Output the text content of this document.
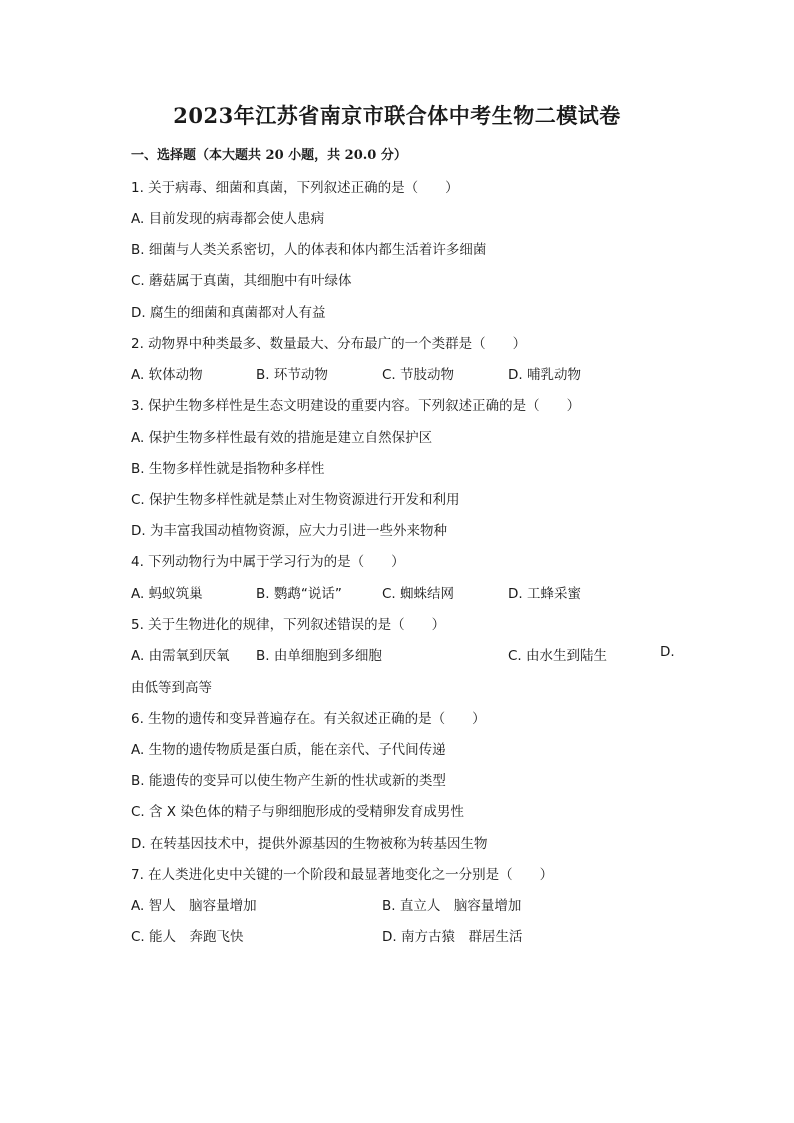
2023年江苏省南京市联合体中考生物二模试卷
一、选择题（本大题共 20 小题，共 20.0 分）
1. 关于病毒、细菌和真菌，下列叙述正确的是（　　）
A. 目前发现的病毒都会使人患病
B. 细菌与人类关系密切，人的体表和体内都生活着许多细菌
C. 蘑菇属于真菌，其细胞中有叶绿体
D. 腐生的细菌和真菌都对人有益
2. 动物界中种类最多、数量最大、分布最广的一个类群是（　　）
A. 软体动物	B. 环节动物	C. 节肢动物	D. 哺乳动物
3. 保护生物多样性是生态文明建设的重要内容。下列叙述正确的是（　　）
A. 保护生物多样性最有效的措施是建立自然保护区
B. 生物多样性就是指物种多样性
C. 保护生物多样性就是禁止对生物资源进行开发和利用
D. 为丰富我国动植物资源，应大力引进一些外来物种
4. 下列动物行为中属于学习行为的是（　　）
A. 蚂蚁筑巢	B. 鹦鹉“说话”	C. 蜘蛛结网	D. 工蜂采蜜
5. 关于生物进化的规律，下列叙述错误的是（　　）
A. 由需氧到厌氧 B. 由单细胞到多细胞	C. 由水生到陆生	D.
由低等到高等
6. 生物的遗传和变异普遍存在。有关叙述正确的是（　　）
A. 生物的遗传物质是蛋白质，能在亲代、子代间传递
B. 能遗传的变异可以使生物产生新的性状或新的类型
C. 含 X 染色体的精子与卵细胞形成的受精卵发育成男性
D. 在转基因技术中，提供外源基因的生物被称为转基因生物
7. 在人类进化史中关键的一个阶段和最显著地变化之一分别是（　　）
A. 智人　脑容量增加	B. 直立人　脑容量增加
C. 能人　奔跑飞快	D. 南方古猿　群居生活
